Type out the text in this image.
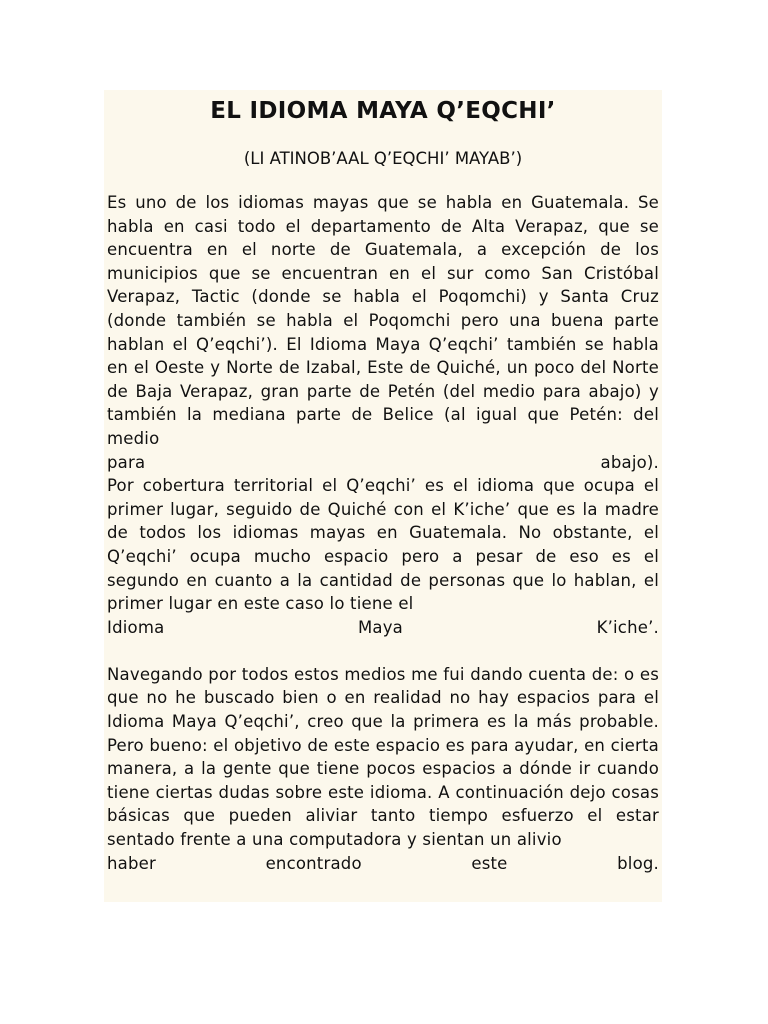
EL IDIOMA MAYA Q’EQCHI’
(LI ATINOB’AAL Q’EQCHI’ MAYAB’)

Es uno de los idiomas mayas que se habla en Guatemala. Se habla en casi todo el departamento de Alta Verapaz, que se encuentra en el norte de Guatemala, a excepción de los municipios que se encuentran en el sur como San Cristóbal Verapaz, Tactic (donde se habla el Poqomchi) y Santa Cruz (donde también se habla el Poqomchi pero una buena parte hablan el Q’eqchi’). El Idioma Maya Q’eqchi’ también se habla en el Oeste y Norte de Izabal, Este de Quiché, un poco del Norte de Baja Verapaz, gran parte de Petén (del medio para abajo) y también la mediana parte de Belice (al igual que Petén: del medio

para	abajo).

Por cobertura territorial el Q’eqchi’ es el idioma que ocupa el primer lugar, seguido de Quiché con el K’iche’ que es la madre de todos los idiomas mayas en Guatemala. No obstante, el Q’eqchi’ ocupa mucho espacio pero a pesar de eso es el segundo en cuanto a la cantidad de personas que lo hablan, el primer lugar en este caso lo tiene el

Idioma	Maya	K’iche’.

Navegando por todos estos medios me fui dando cuenta de: o es que no he buscado bien o en realidad no hay espacios para el Idioma Maya Q’eqchi’, creo que la primera es la más probable. Pero bueno: el objetivo de este espacio es para ayudar, en cierta manera, a la gente que tiene pocos espacios a dónde ir cuando tiene ciertas dudas sobre este idioma. A continuación dejo cosas básicas que pueden aliviar tanto tiempo esfuerzo el estar sentado frente a una computadora y sientan un alivio

haber	encontrado	este	blog.
